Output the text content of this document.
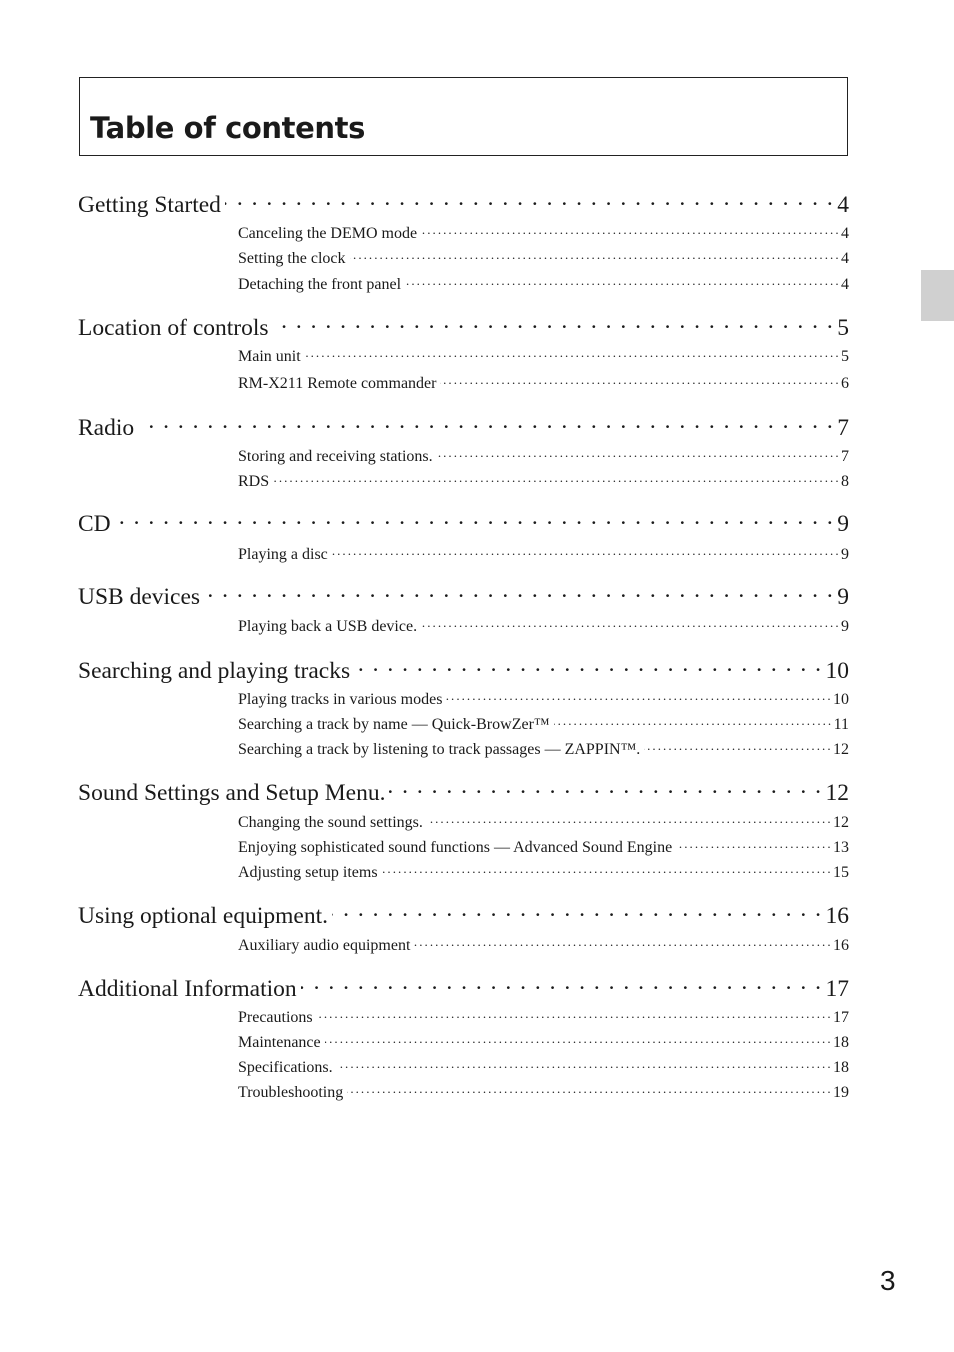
Table of contents
Getting Started . . .	4
Canceling the DEMO mode . . .	4
Setting the clock . . .	4
Detaching the front panel . . .	4
Location of controls . . .	5
Main unit . . .	5
RM-X211 Remote commander . . .	6
Radio . . .	7
Storing and receiving stations. . . .	7
RDS . . .	8
CD . . .	9
Playing a disc . . .	9
USB devices . . .	9
Playing back a USB device. . . .	9
Searching and playing tracks . . .	10
Playing tracks in various modes . . .	10
Searching a track by name — Quick-BrowZer™ . . .	11
Searching a track by listening to track passages — ZAPPIN™. . . .	12
Sound Settings and Setup Menu. . . .	12
Changing the sound settings. . . .	12
Enjoying sophisticated sound functions — Advanced Sound Engine . . .	13
Adjusting setup items . . .	15
Using optional equipment. . . .	16
Auxiliary audio equipment . . .	16
Additional Information . . .	17
Precautions . . .	17
Maintenance . . .	18
Specifications. . . .	18
Troubleshooting . . .	19
3
